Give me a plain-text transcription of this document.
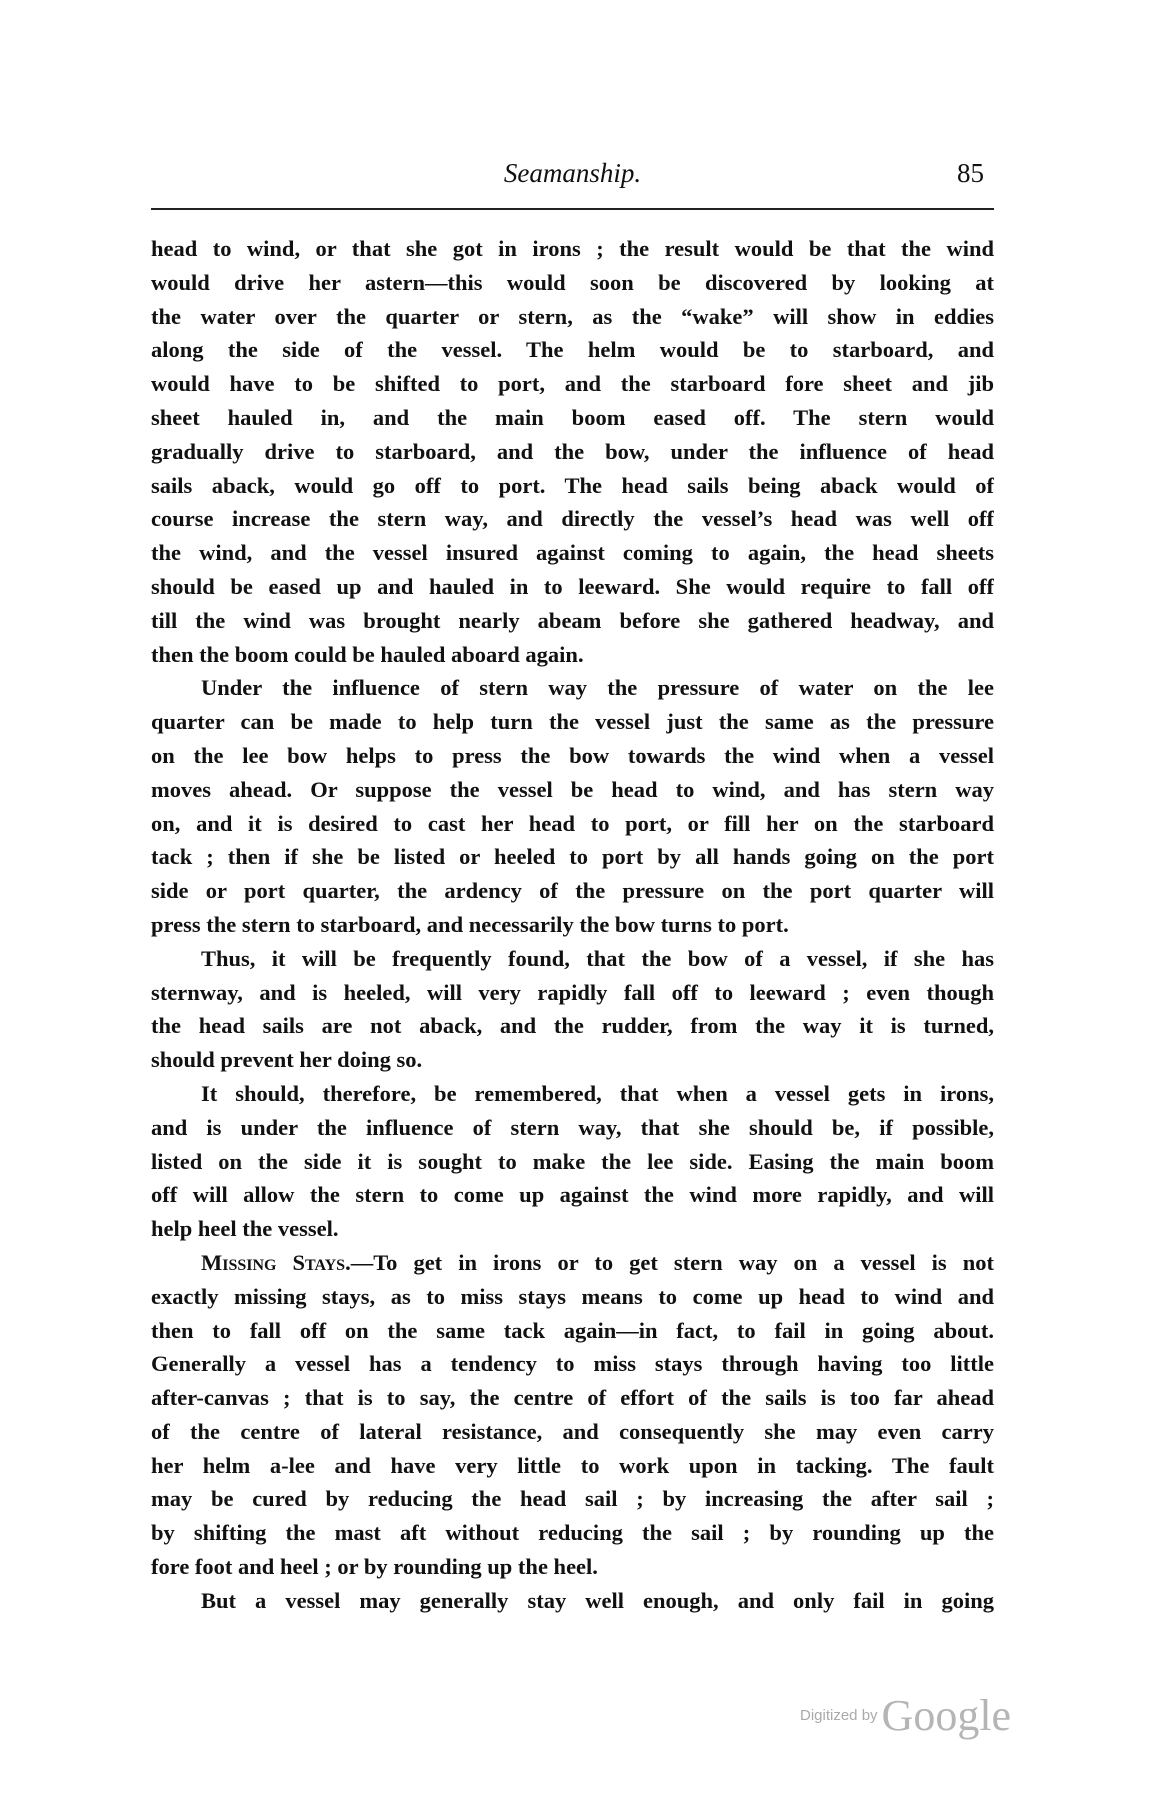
Seamanship.	85
head to wind, or that she got in irons ; the result would be that the wind
would drive her astern—this would soon be discovered by looking at
the water over the quarter or stern, as the “wake” will show in eddies
along the side of the vessel. The helm would be to starboard, and
would have to be shifted to port, and the starboard fore sheet and jib
sheet hauled in, and the main boom eased off. The stern would
gradually drive to starboard, and the bow, under the influence of head
sails aback, would go off to port. The head sails being aback would of
course increase the stern way, and directly the vessel’s head was well off
the wind, and the vessel insured against coming to again, the head sheets
should be eased up and hauled in to leeward. She would require to fall off
till the wind was brought nearly abeam before she gathered headway, and
then the boom could be hauled aboard again.
Under the influence of stern way the pressure of water on the lee
quarter can be made to help turn the vessel just the same as the pressure
on the lee bow helps to press the bow towards the wind when a vessel
moves ahead. Or suppose the vessel be head to wind, and has stern way
on, and it is desired to cast her head to port, or fill her on the starboard
tack ; then if she be listed or heeled to port by all hands going on the port
side or port quarter, the ardency of the pressure on the port quarter will
press the stern to starboard, and necessarily the bow turns to port.
Thus, it will be frequently found, that the bow of a vessel, if she has
sternway, and is heeled, will very rapidly fall off to leeward ; even though
the head sails are not aback, and the rudder, from the way it is turned,
should prevent her doing so.
It should, therefore, be remembered, that when a vessel gets in irons,
and is under the influence of stern way, that she should be, if possible,
listed on the side it is sought to make the lee side. Easing the main boom
off will allow the stern to come up against the wind more rapidly, and will
help heel the vessel.
Missing Stays.—To get in irons or to get stern way on a vessel is not
exactly missing stays, as to miss stays means to come up head to wind and
then to fall off on the same tack again—in fact, to fail in going about.
Generally a vessel has a tendency to miss stays through having too little
after-canvas ; that is to say, the centre of effort of the sails is too far ahead
of the centre of lateral resistance, and consequently she may even carry
her helm a-lee and have very little to work upon in tacking. The fault
may be cured by reducing the head sail ; by increasing the after sail ;
by shifting the mast aft without reducing the sail ; by rounding up the
fore foot and heel ; or by rounding up the heel.
But a vessel may generally stay well enough, and only fail in going
Digitized by Google
